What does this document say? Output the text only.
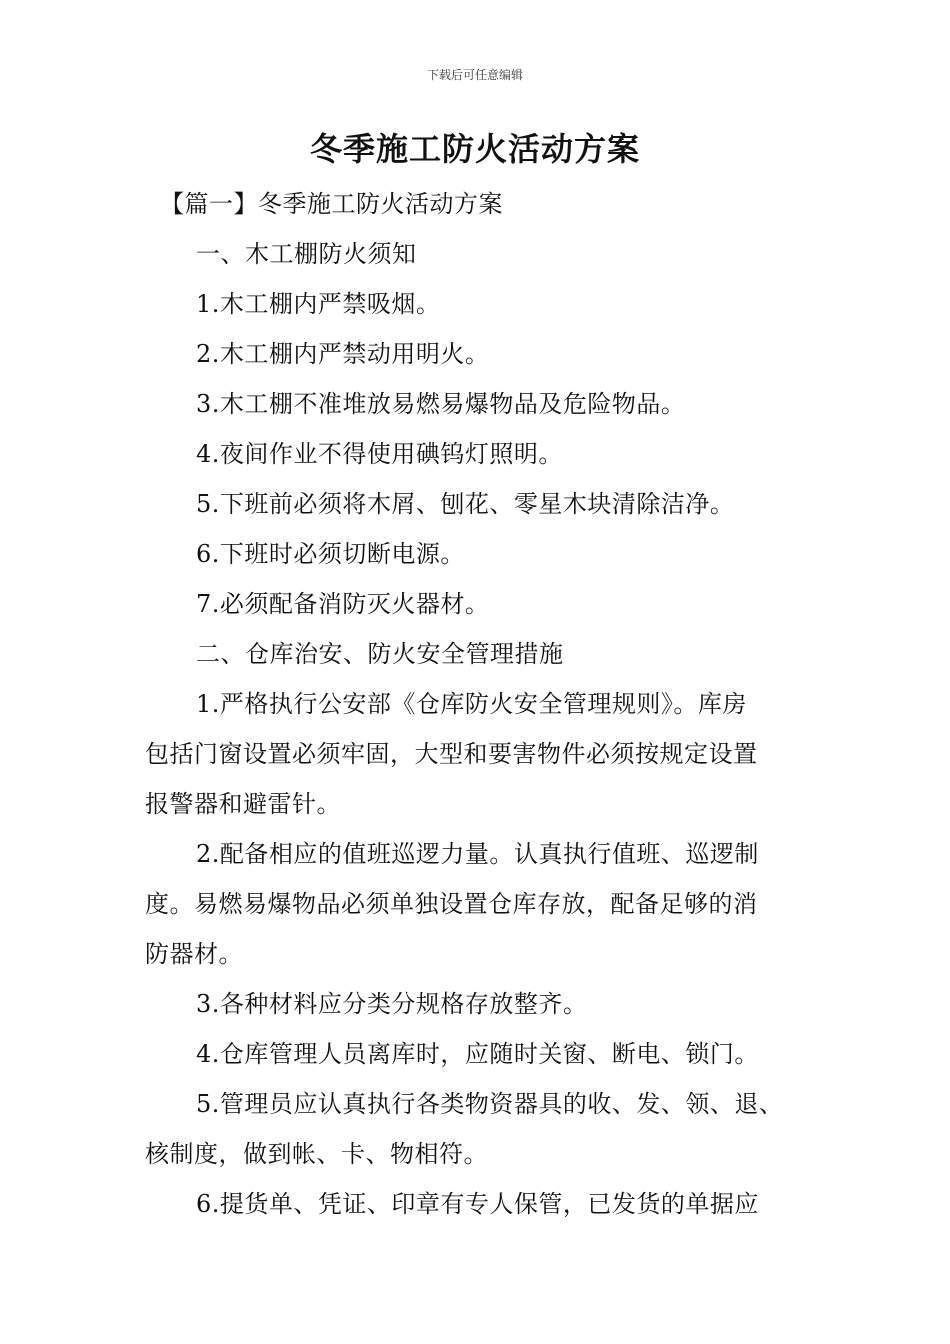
下载后可任意编辑
冬季施工防火活动方案
【篇一】冬季施工防火活动方案
一、木工棚防火须知
1.木工棚内严禁吸烟。
2.木工棚内严禁动用明火。
3.木工棚不准堆放易燃易爆物品及危险物品。
4.夜间作业不得使用碘钨灯照明。
5.下班前必须将木屑、刨花、零星木块清除洁净。
6.下班时必须切断电源。
7.必须配备消防灭火器材。
二、仓库治安、防火安全管理措施
1.严格执行公安部《仓库防火安全管理规则》。库房
包括门窗设置必须牢固，大型和要害物件必须按规定设置
报警器和避雷针。
2.配备相应的值班巡逻力量。认真执行值班、巡逻制
度。易燃易爆物品必须单独设置仓库存放，配备足够的消
防器材。
3.各种材料应分类分规格存放整齐。
4.仓库管理人员离库时，应随时关窗、断电、锁门。
5.管理员应认真执行各类物资器具的收、发、领、退、
核制度，做到帐、卡、物相符。
6.提货单、凭证、印章有专人保管，已发货的单据应
